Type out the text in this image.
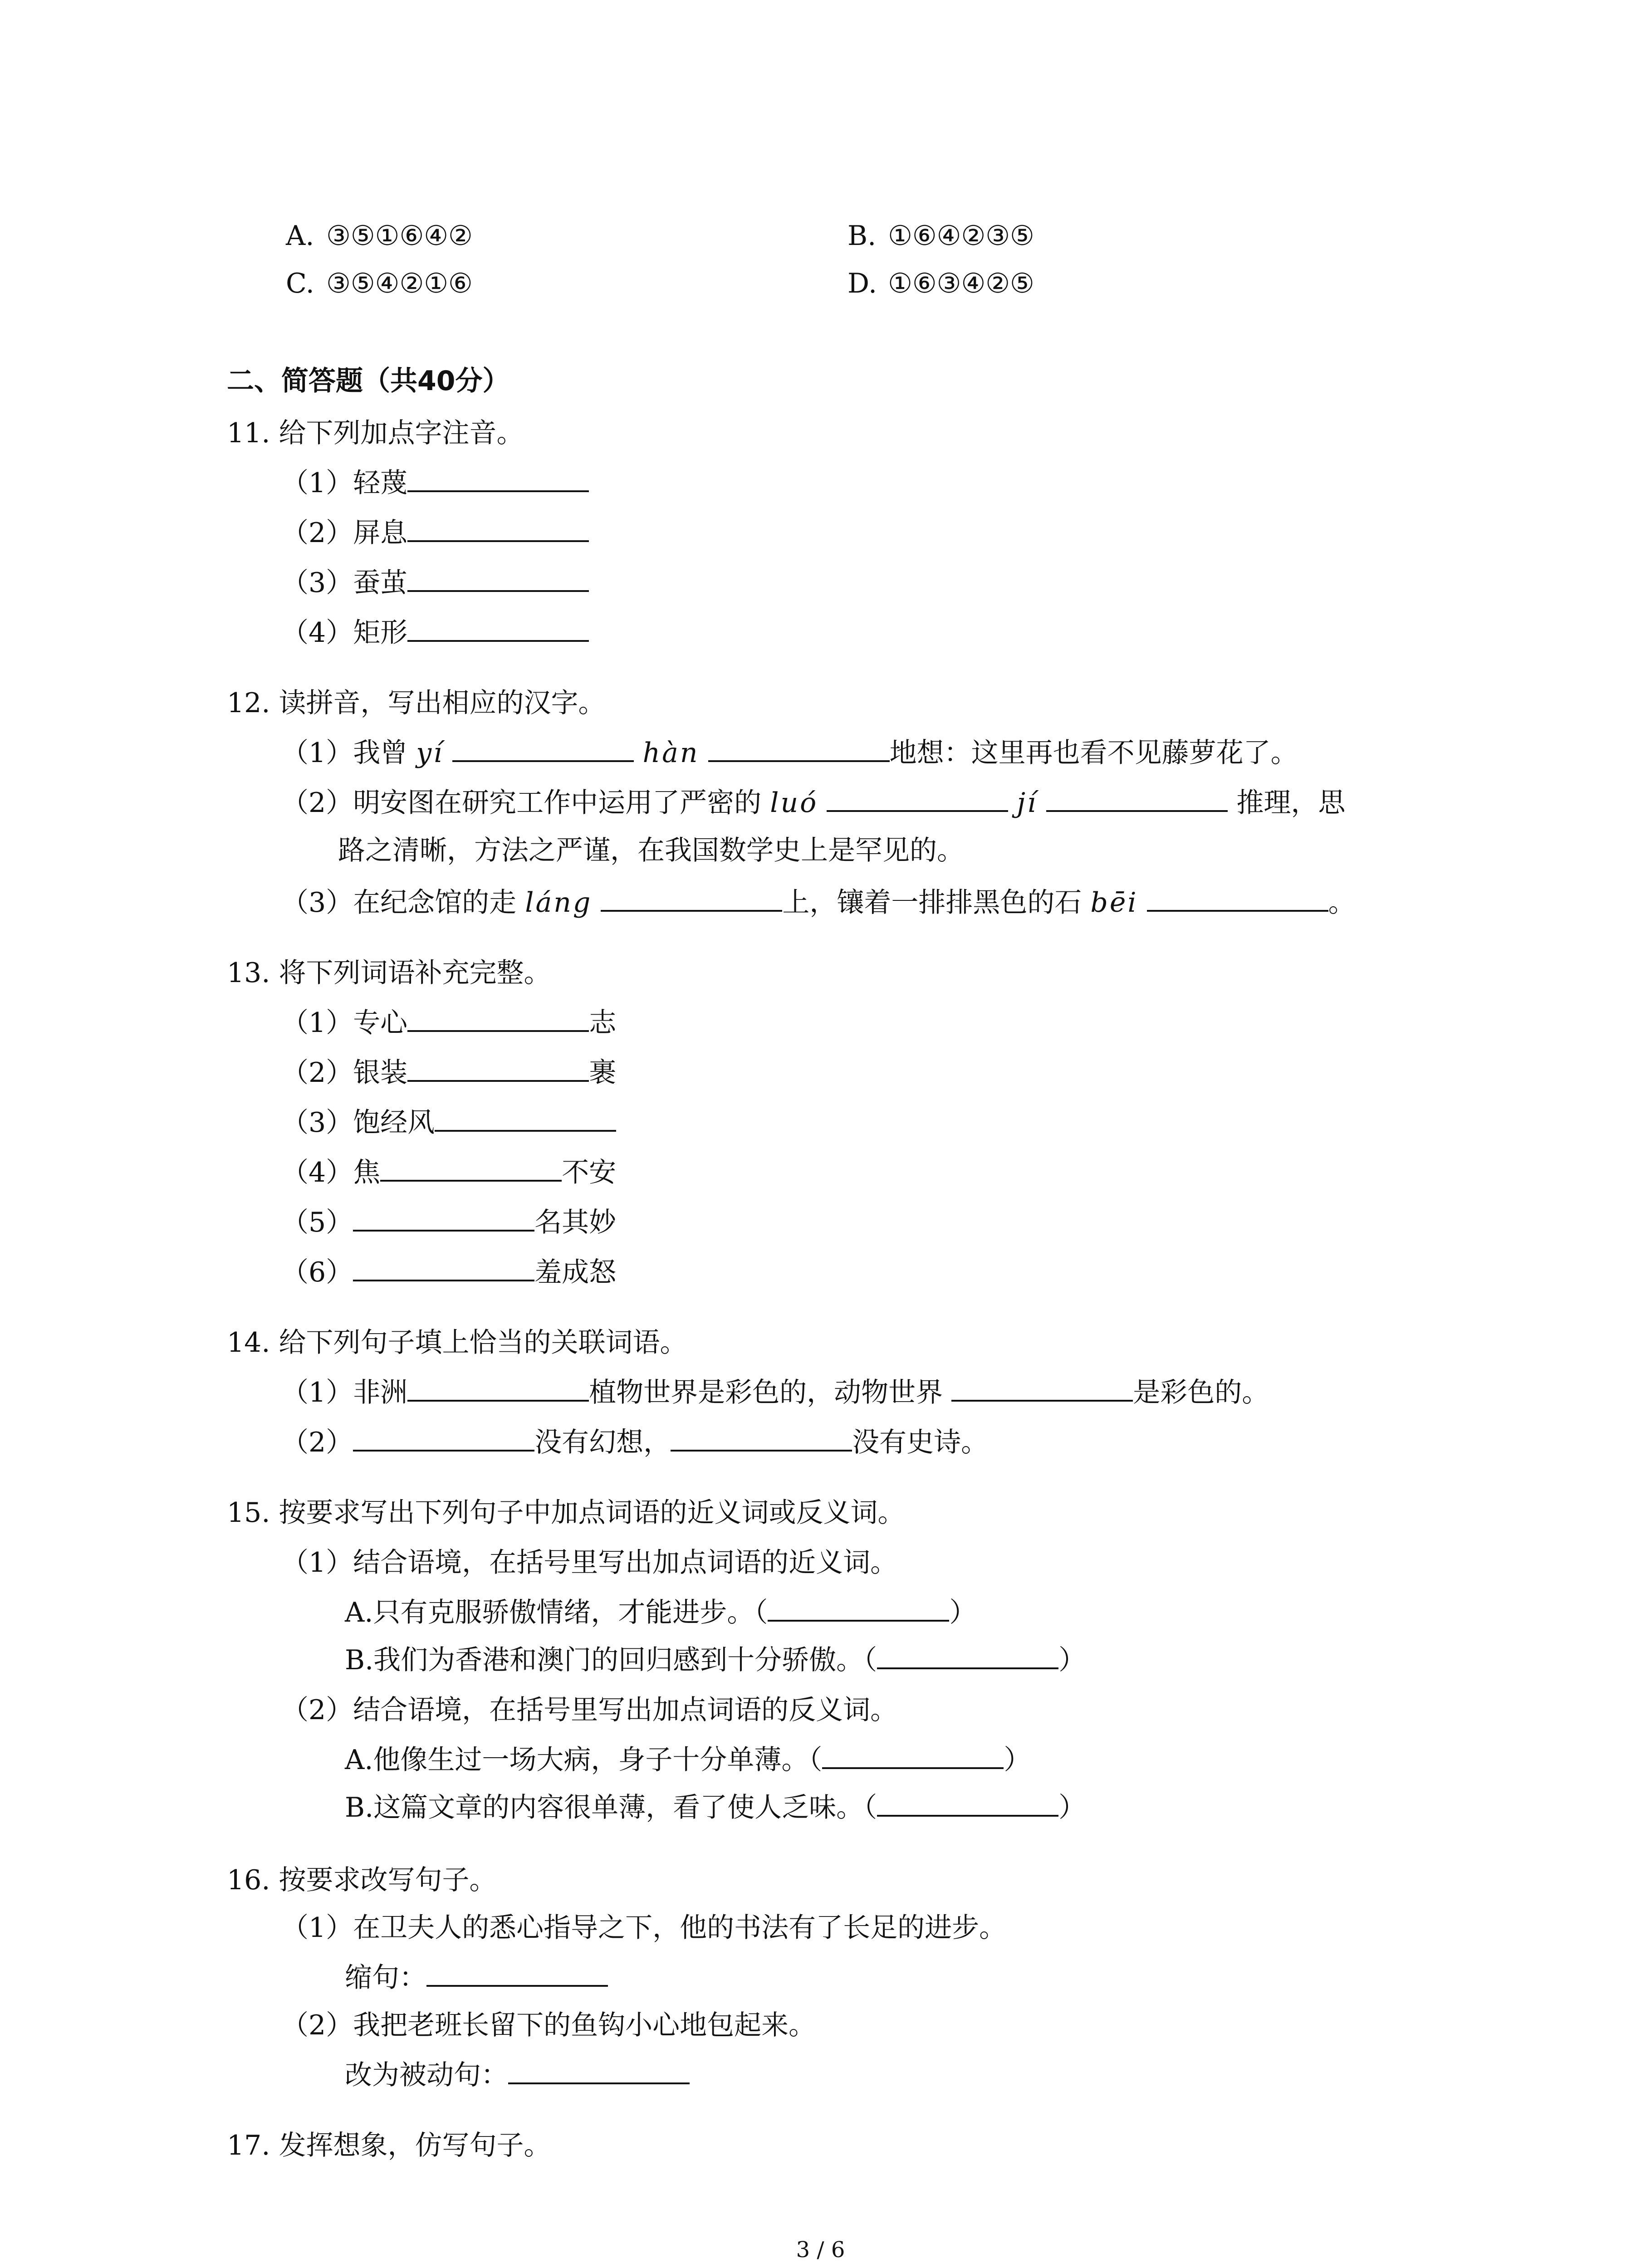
A. ③⑤①⑥④②	B. ①⑥④②③⑤
C. ③⑤④②①⑥	D. ①⑥③④②⑤
二、简答题（共40分）
11. 给下列加点字注音。
（1）轻蔑
（2）屏息
（3）蚕茧
（4）矩形
12. 读拼音，写出相应的汉字。
（1）我曾 yí	hàn	地想：这里再也看不见藤萝花了。
（2）明安图在研究工作中运用了严密的 luó	jí	推理，思
路之清晰，方法之严谨，在我国数学史上是罕见的。
（3）在纪念馆的走 láng	上，镶着一排排黑色的石 bēi	。
13. 将下列词语补充完整。
（1）专心	志
（2）银装	裹
（3）饱经风
（4）焦	不安
（5）	名其妙
（6）	羞成怒
14. 给下列句子填上恰当的关联词语。
（1）非洲	植物世界是彩色的，动物世界	是彩色的。
（2）	没有幻想，	没有史诗。
15. 按要求写出下列句子中加点词语的近义词或反义词。
（1）结合语境，在括号里写出加点词语的近义词。
A.只有克服骄傲情绪，才能进步。（	）
B.我们为香港和澳门的回归感到十分骄傲。（	）
（2）结合语境，在括号里写出加点词语的反义词。
A.他像生过一场大病，身子十分单薄。（	）
B.这篇文章的内容很单薄，看了使人乏味。（	）
16. 按要求改写句子。
（1）在卫夫人的悉心指导之下，他的书法有了长足的进步。
缩句：
（2）我把老班长留下的鱼钩小心地包起来。
改为被动句：
17. 发挥想象，仿写句子。
3 / 6
